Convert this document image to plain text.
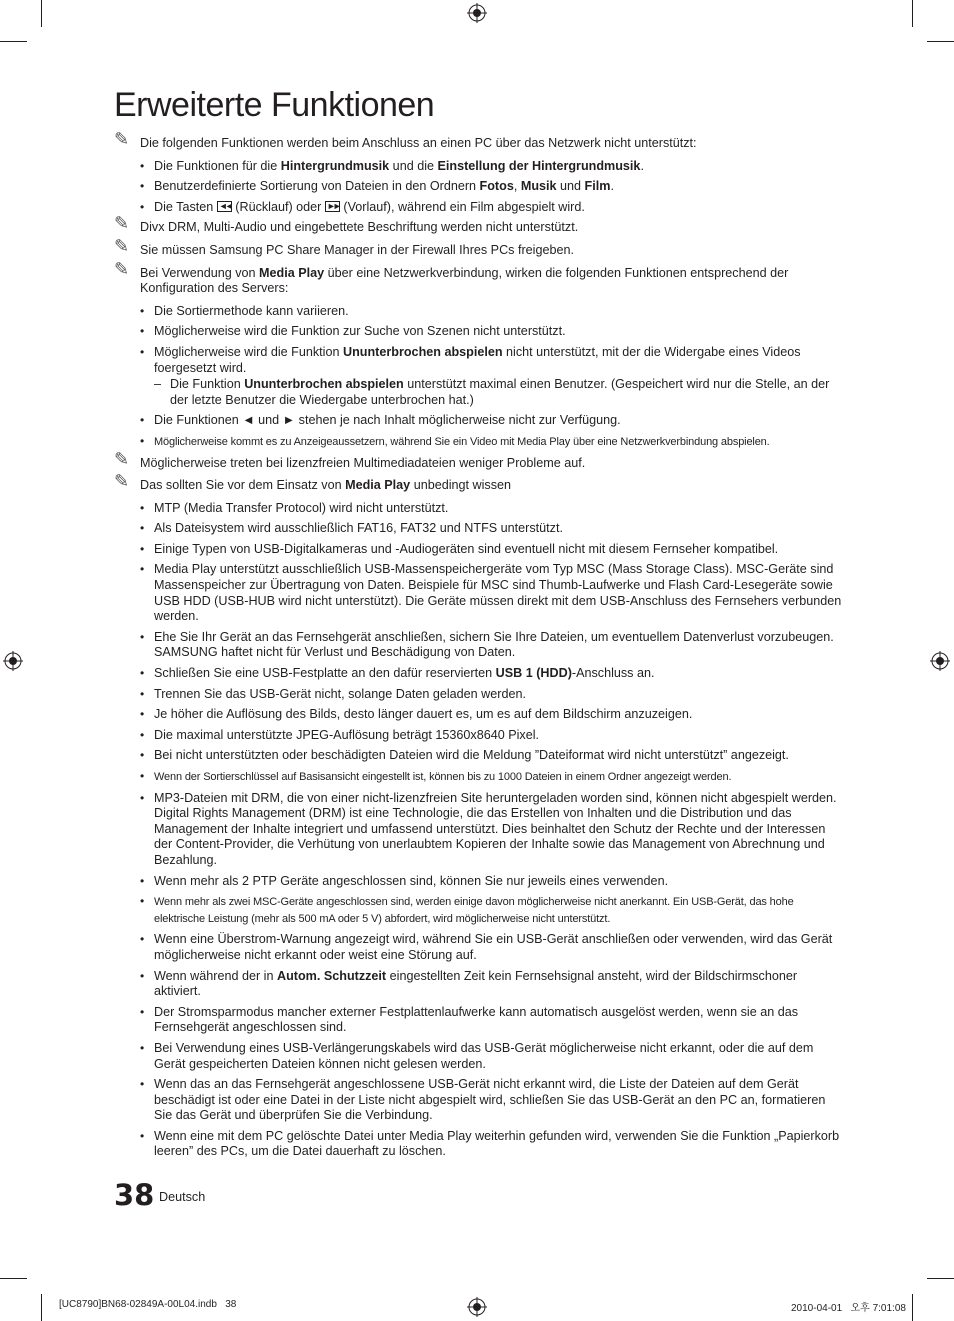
Erweiterte Funktionen
✎ Die folgenden Funktionen werden beim Anschluss an einen PC über das Netzwerk nicht unterstützt:
• Die Funktionen für die Hintergrundmusik und die Einstellung der Hintergrundmusik.
• Benutzerdefinierte Sortierung von Dateien in den Ordnern Fotos, Musik und Film.
• Die Tasten ◄◄ (Rücklauf) oder ►► (Vorlauf), während ein Film abgespielt wird.
✎ Divx DRM, Multi-Audio und eingebettete Beschriftung werden nicht unterstützt.
✎ Sie müssen Samsung PC Share Manager in der Firewall Ihres PCs freigeben.
✎ Bei Verwendung von Media Play über eine Netzwerkverbindung, wirken die folgenden Funktionen entsprechend der Konfiguration des Servers:
• Die Sortiermethode kann variieren.
• Möglicherweise wird die Funktion zur Suche von Szenen nicht unterstützt.
• Möglicherweise wird die Funktion Ununterbrochen abspielen nicht unterstützt, mit der die Widergabe eines Videos foergesetzt wird.
– Die Funktion Ununterbrochen abspielen unterstützt maximal einen Benutzer. (Gespeichert wird nur die Stelle, an der der letzte Benutzer die Wiedergabe unterbrochen hat.)
• Die Funktionen ◄ und ► stehen je nach Inhalt möglicherweise nicht zur Verfügung.
• Möglicherweise kommt es zu Anzeigeaussetzern, während Sie ein Video mit Media Play über eine Netzwerkverbindung abspielen.
✎ Möglicherweise treten bei lizenzfreien Multimediadateien weniger Probleme auf.
✎ Das sollten Sie vor dem Einsatz von Media Play unbedingt wissen
• MTP (Media Transfer Protocol) wird nicht unterstützt.
• Als Dateisystem wird ausschließlich FAT16, FAT32 und NTFS unterstützt.
• Einige Typen von USB-Digitalkameras und -Audiogeräten sind eventuell nicht mit diesem Fernseher kompatibel.
• Media Play unterstützt ausschließlich USB-Massenspeichergeräte vom Typ MSC (Mass Storage Class). MSC-Geräte sind Massenspeicher zur Übertragung von Daten. Beispiele für MSC sind Thumb-Laufwerke und Flash Card-Lesegeräte sowie USB HDD (USB-HUB wird nicht unterstützt). Die Geräte müssen direkt mit dem USB-Anschluss des Fernsehers verbunden werden.
• Ehe Sie Ihr Gerät an das Fernsehgerät anschließen, sichern Sie Ihre Dateien, um eventuellem Datenverlust vorzubeugen. SAMSUNG haftet nicht für Verlust und Beschädigung von Daten.
• Schließen Sie eine USB-Festplatte an den dafür reservierten USB 1 (HDD)-Anschluss an.
• Trennen Sie das USB-Gerät nicht, solange Daten geladen werden.
• Je höher die Auflösung des Bilds, desto länger dauert es, um es auf dem Bildschirm anzuzeigen.
• Die maximal unterstützte JPEG-Auflösung beträgt 15360x8640 Pixel.
• Bei nicht unterstützten oder beschädigten Dateien wird die Meldung ”Dateiformat wird nicht unterstützt” angezeigt.
• Wenn der Sortierschlüssel auf Basisansicht eingestellt ist, können bis zu 1000 Dateien in einem Ordner angezeigt werden.
• MP3-Dateien mit DRM, die von einer nicht-lizenzfreien Site heruntergeladen worden sind, können nicht abgespielt werden. Digital Rights Management (DRM) ist eine Technologie, die das Erstellen von Inhalten und die Distribution und das Management der Inhalte integriert und umfassend unterstützt. Dies beinhaltet den Schutz der Rechte und der Interessen der Content-Provider, die Verhütung von unerlaubtem Kopieren der Inhalte sowie das Management von Abrechnung und Bezahlung.
• Wenn mehr als 2 PTP Geräte angeschlossen sind, können Sie nur jeweils eines verwenden.
• Wenn mehr als zwei MSC-Geräte angeschlossen sind, werden einige davon möglicherweise nicht anerkannt. Ein USB-Gerät, das hohe elektrische Leistung (mehr als 500 mA oder 5 V) abfordert, wird möglicherweise nicht unterstützt.
• Wenn eine Überstrom-Warnung angezeigt wird, während Sie ein USB-Gerät anschließen oder verwenden, wird das Gerät möglicherweise nicht erkannt oder weist eine Störung auf.
• Wenn während der in Autom. Schutzzeit eingestellten Zeit kein Fernsehsignal ansteht, wird der Bildschirmschoner aktiviert.
• Der Stromsparmodus mancher externer Festplattenlaufwerke kann automatisch ausgelöst werden, wenn sie an das Fernsehgerät angeschlossen sind.
• Bei Verwendung eines USB-Verlängerungskabels wird das USB-Gerät möglicherweise nicht erkannt, oder die auf dem Gerät gespeicherten Dateien können nicht gelesen werden.
• Wenn das an das Fernsehgerät angeschlossene USB-Gerät nicht erkannt wird, die Liste der Dateien auf dem Gerät beschädigt ist oder eine Datei in der Liste nicht abgespielt wird, schließen Sie das USB-Gerät an den PC an, formatieren Sie das Gerät und überprüfen Sie die Verbindung.
• Wenn eine mit dem PC gelöschte Datei unter Media Play weiterhin gefunden wird, verwenden Sie die Funktion „Papierkorb leeren” des PCs, um die Datei dauerhaft zu löschen.
38 Deutsch
[UC8790]BN68-02849A-00L04.indb   38	2010-04-01   오후 7:01:08
